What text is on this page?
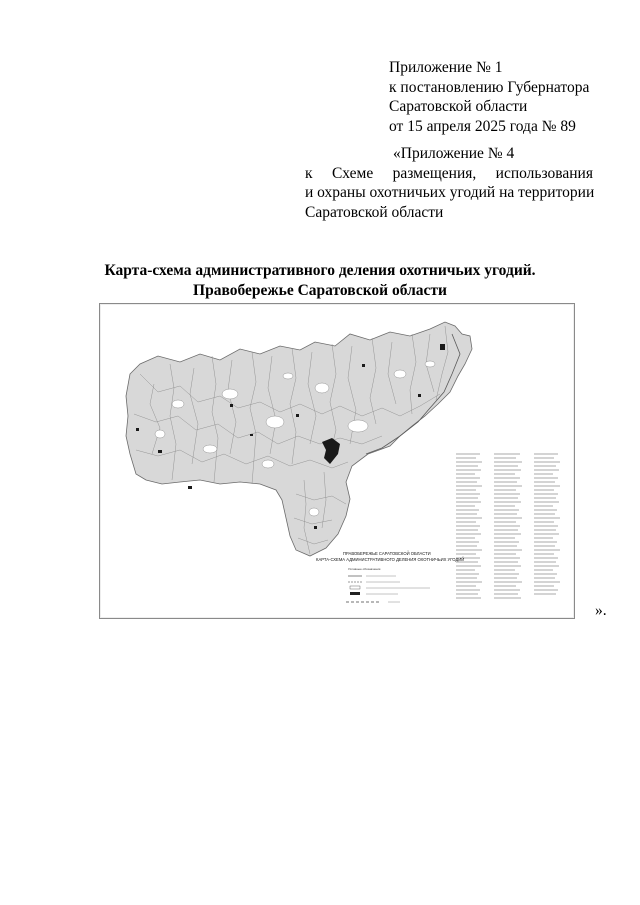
Приложение № 1
к постановлению Губернатора
Саратовской области
от 15 апреля 2025 года № 89
«Приложение № 4
к Схеме размещения, использования
и охраны охотничьих угодий на территории
Саратовской области
Карта-схема административного деления охотничьих угодий.
Правобережье Саратовской области
ПРАВОБЕРЕЖЬЕ САРАТОВСКОЙ ОБЛАСТИ
КАРТА-СХЕМА АДМИНИСТРАТИВНОГО ДЕЛЕНИЯ ОХОТНИЧЬИХ УГОДИЙ
Условные обозначения
».
